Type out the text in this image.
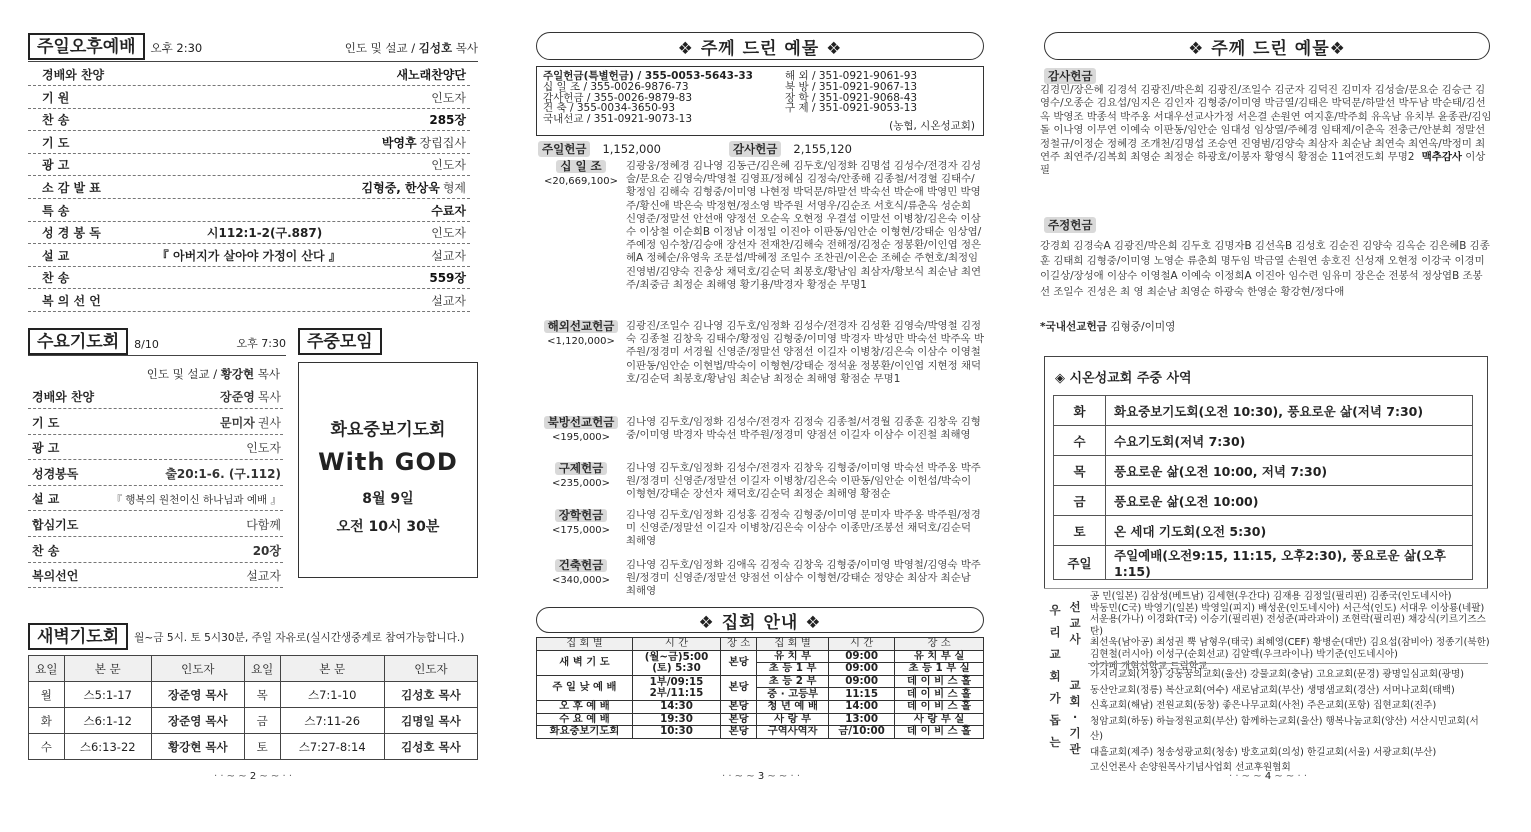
주일오후예배	오후 2:30	인도 및 설교 / 김성호 목사
경배와 찬양	새노래찬양단
기 원	인도자
찬 송	285장
기 도	박영후 장립집사
광 고	인도자
소 감 발 표	김형중, 한상욱 형제
특 송	수료자
성 경 봉 독	시112:1-2(구.887)	인도자
설 교	『 아버지가 살아야 가정이 산다 』	설교자
찬 송	559장
복 의 선 언	설교자
수요기도회	8/10	오후 7:30
인도 및 설교 / 황강현 목사
경배와 찬양	장준영 목사
기 도	문미자 권사
광 고	인도자
성경봉독	출20:1-6. (구.112)
설 교	『 행복의 원천이신 하나님과 예배 』
합심기도	다함께
찬 송	20장
복의선언	설교자
주중모임
화요중보기도회
With GOD
8월 9일
오전 10시 30분
새벽기도회	월~금 5시. 토 5시30분, 주일 자유로(실시간생중계로 참여가능합니다.)
요일	본 문	인도자	요일	본 문	인도자
월	스5:1-17	장준영 목사	목	스7:1-10	김성호 목사
화	스6:1-12	장준영 목사	금	스7:11-26	김명일 목사
수	스6:13-22	황강현 목사	토	스7:27-8:14	김성호 목사
· · ~ ~ 2 ~ ~ · ·
❖ 주께 드린 예물 ❖
주일헌금(특별헌금) / 355-0053-5643-33
십 일 조 / 355-0026-9876-73
감사헌금 / 355-0026-9879-83
건 축 / 355-0034-3650-93
국내선교 / 351-0921-9073-13
해 외 / 351-0921-9061-93
북 방 / 351-0921-9067-13
장 학 / 351-0921-9068-43
구 제 / 351-0921-9053-13
(농협, 시온성교회)
주일헌금	1,152,000	감사헌금	2,155,120
십 일 조
<20,669,100>
김광웅/정혜경 김나영 김동근/김은혜 김두호/임정화 김명섭 김성수/전경자 김성술/문요순 김영숙/박영철 김영표/정혜심 김정숙/안종해 김종철/서경혈 김태수/황정임 김해숙 김형중/이미영 나현정 박덕문/하말선 박숙선 박순애 박영민 박영주/황신애 박은숙 박정현/정소영 박주원 서영우/김순조 서호식/류춘옥 성순희 신영준/정말선 안선애 양정선 오순옥 오현정 우결섭 이말선 이병창/김은숙 이삼수 이상철 이순희B 이정남 이정일 이진아 이판동/임안순 이형현/강태순 임상엽/주예정 임수창/김승애 장선자 전재찬/김해숙 전해정/김정순 정봉환/이인엽 정은혜A 정혜순/유영욱 조문섭/박혜정 조일수 조찬권/이은순 조혜순 주현호/최정임 진영범/김양숙 진충상 채덕호/김순덕 최봉호/황남임 최삼자/황보식 최순남 최연주/최중금 최정순 최해영 황기용/박경자 황정순 무명1
해외선교헌금
<1,120,000>
김광진/조일수 김나영 김두호/임정화 김성수/전경자 김성환 김영숙/박영철 김정숙 김종철 김창욱 김태수/황정임 김형중/이미영 박경자 박성만 박숙선 박주옥 박주원/정경미 서경월 신영준/정말선 양점선 이길자 이병창/김은숙 이삼수 이영철 이판동/임안순 이현법/박숙이 이형현/강태순 정석윤 정봉환/이인엽 지현정 채덕호/김순덕 최봉호/황남임 최순남 최정순 최해영 황점순 무명1
북방선교헌금
<195,000>
김나영 김두호/임정화 김성수/전경자 김정숙 김종철/서경월 김종훈 김창욱 김형중/이미영 박경자 박숙선 박주원/정경미 양점선 이길자 이삼수 이진철 최해영
구제헌금
<235,000>
김나영 김두호/임정화 김성수/전경자 김창욱 김형중/이미영 박숙선 박주옹 박주원/정경미 신영준/정말선 이길자 이병창/김은숙 이판동/임안순 이헌섭/박숙이 이형현/강태순 장선자 채덕호/김순덕 최정순 최해영 황점순
장학헌금
<175,000>
김나영 김두호/임정화 김성홍 김정숙 김형중/이미영 문미자 박주옹 박주원/정경미 신영준/정말선 이길자 이병창/김은숙 이삼수 이종만/조봉선 채덕호/김순덕 최해영
건축헌금
<340,000>
김나영 김두호/임정화 김애옥 김정숙 김창욱 김형중/이미영 박영철/김영숙 박주원/정경미 신영준/정말선 양점선 이삼수 이형현/강태순 정양순 최삼자 최순남 최해영
❖ 집회 안내 ❖
집 회 별	시 간	장 소	집 회 별	시 간	장 소
새 벽 기 도	(월~금)5:00
(토) 5:30	본당	유 치 부	09:00	유 치 부 실
			초 등 1 부	09:00	초 등 1 부 실
주 일 낮 예 배	1부/09:15
2부/11:15	본당	초 등 2 부	09:00	데 이 비 스 홀
			중 · 고등부	11:15	데 이 비 스 홀
오 후 예 배	14:30	본당	청 년 예 배	14:00	데 이 비 스 홀
수 요 예 배	19:30	본당	사 랑 부	13:00	사 랑 부 실
화요중보기도회	10:30	본당	구역사역자	금/10:00	데 이 비 스 홀
· · ~ ~ 3 ~ ~ · ·
❖ 주께 드린 예물❖
감사헌금
김경민/장은혜 김경석 김광진/박은희 김광진/조일수 김군자 김덕진 김미자 김성술/문요순 김승근 김영수/오종순 김요섭/임지은 김인자 김형중/이미영 박금열/김태은 박덕문/하말선 박두남 박순태/김선옥 박영조 박종석 박주옹 서대우선교사가정 서은결 손원연 여지훈/박주희 유옥남 유치부 윤종관/김임돌 이나영 이무연 이예숙 이판동/임안순 임대성 임상열/주혜경 임태제/이춘옥 전충근/안분희 정말선 정철규/이정순 정혜경 조개천/김명섭 조승연 진영범/김양숙 최삼자 최순남 최연숙 최연옥/박정미 최연주 최연주/김복희 최영순 최정순 하광호/이봉자 황영식 황점순 11여전도회 무명2 맥추감사 이상필
주정헌금
강경희 김경숙A 김광진/박은희 김두호 김명자B 김선옥B 김성호 김순진 김양숙 김옥순 김은혜B 김종훈 김태희 김형중/이미영 노영순 류춘희 명두임 박금열 손원연 송호진 신성재 오현정 이강국 이경미 이길상/장성애 이삼수 이영철A 이예숙 이정희A 이진아 임수련 임유미 장은순 전봉석 정상엽B 조봉선 조일수 진성은 최 영 최순남 최영순 하광숙 한영순 황강현/정다애
*국내선교헌금 김형중/이미영
◈ 시온성교회 주중 사역
화	화요중보기도회(오전 10:30), 풍요로운 삶(저녁 7:30)
수	수요기도회(저녁 7:30)
목	풍요로운 삶(오전 10:00, 저녁 7:30)
금	풍요로운 삶(오전 10:00)
토	온 세대 기도회(오전 5:30)
주일	주일예배(오전9:15, 11:15, 오후2:30), 풍요로운 삶(오후1:15)
우리교회가 돕는
선교사
교회·기관
공 민(일본) 김삼성(베트남) 김세현(우간다) 김재용 김정일(필리핀) 김종국(인도네시아)
박동민(C국) 박영기(일본) 박영일(피지) 배성운(인도네시아) 서근석(인도) 서대우 이상룡(네팔)
서운용(가나) 이경화(T국) 이승기(필리핀) 전성준(파라과이) 조현락(필리핀) 채강식(키르기즈스탄)
최선욱(남아공) 최성권 뿍 남형우(태국) 최혜영(CEF) 황병순(대만) 김요섭(잠비아) 정종기(북한)
김현철(러시아) 이성구(순회선교) 김알렉(우크라이나) 박기준(인도네시아)
아가페 개혁신학교 드림학교
가지리교회(거창) 강동꿈의교회(울산) 강물교회(충남) 고요교회(문경) 광명일심교회(광명)
동산안교회(정릉) 복산교회(여수) 새로남교회(부산) 생명샘교회(경산) 서머나교회(태백)
신흑교회(해남) 전원교회(동창) 좋은나무교회(사천) 주은교회(포항) 집현교회(진주)
청암교회(하동) 하늘정원교회(부산) 함께하는교회(울산) 행복나눔교회(양산) 서산시민교회(서산)
대흘교회(제주) 청송성광교회(청송) 방호교회(의성) 한길교회(서울) 서광교회(부산)
고신언론사 손양원목사기념사업회 선교후원협회
· · ~ ~ 4 ~ ~ · ·
